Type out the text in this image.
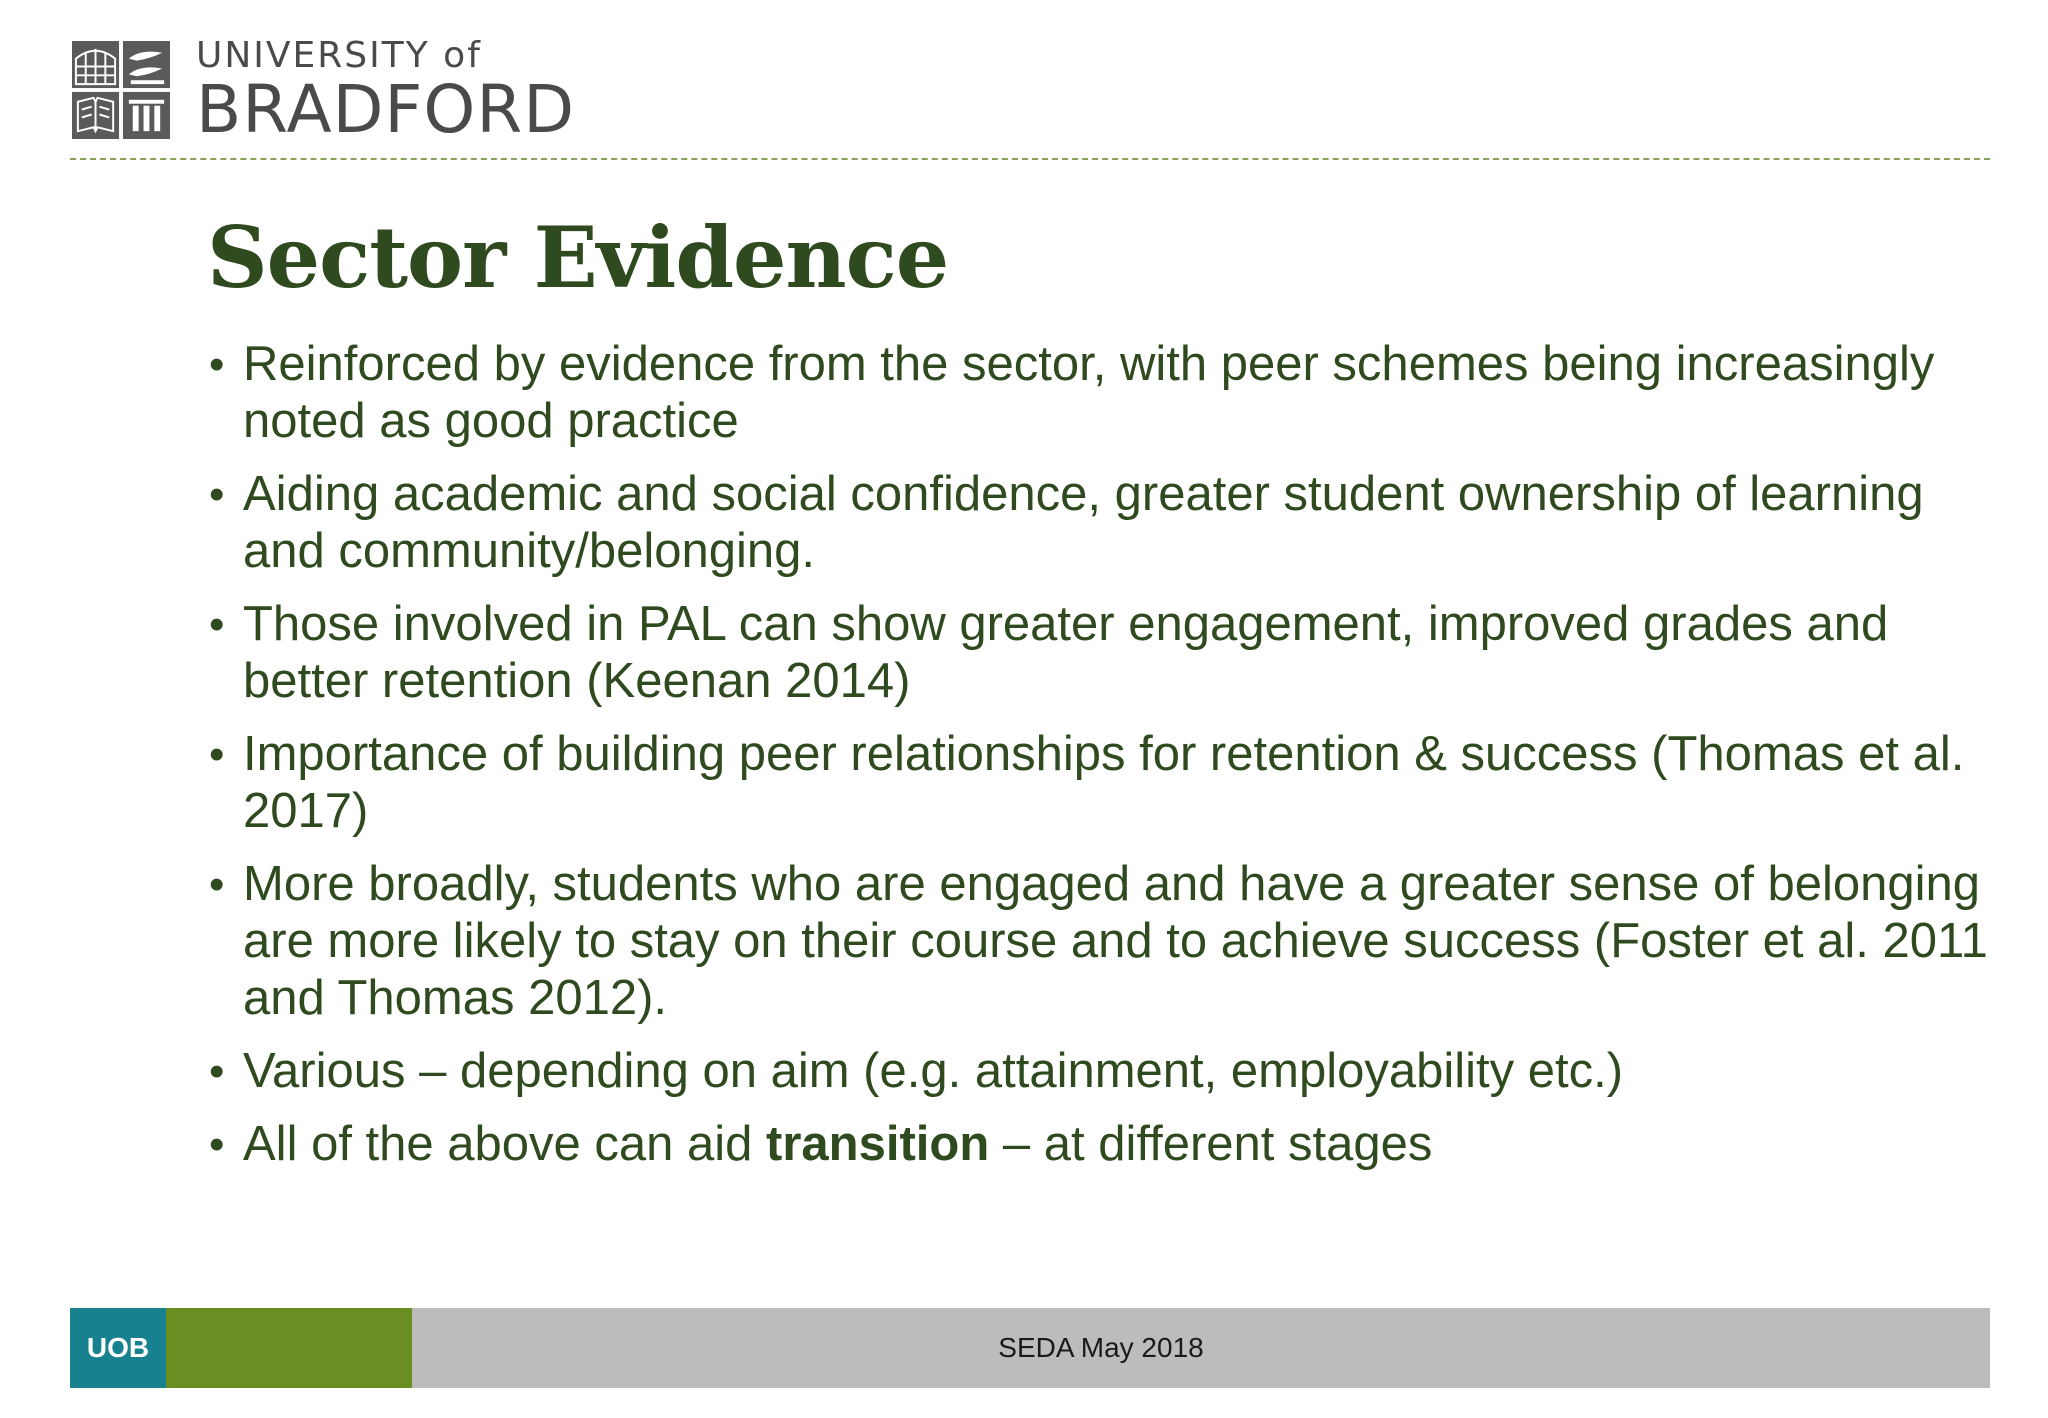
UNIVERSITY of
BRADFORD
Sector Evidence
• Reinforced by evidence from the sector, with peer schemes being increasingly noted as good practice
• Aiding academic and social confidence, greater student ownership of learning and community/belonging.
• Those involved in PAL can show greater engagement, improved grades and better retention (Keenan 2014)
• Importance of building peer relationships for retention & success (Thomas et al. 2017)
• More broadly, students who are engaged and have a greater sense of belonging are more likely to stay on their course and to achieve success (Foster et al. 2011 and Thomas 2012).
• Various – depending on aim (e.g. attainment, employability etc.)
• All of the above can aid transition – at different stages
UOB	SEDA May 2018
